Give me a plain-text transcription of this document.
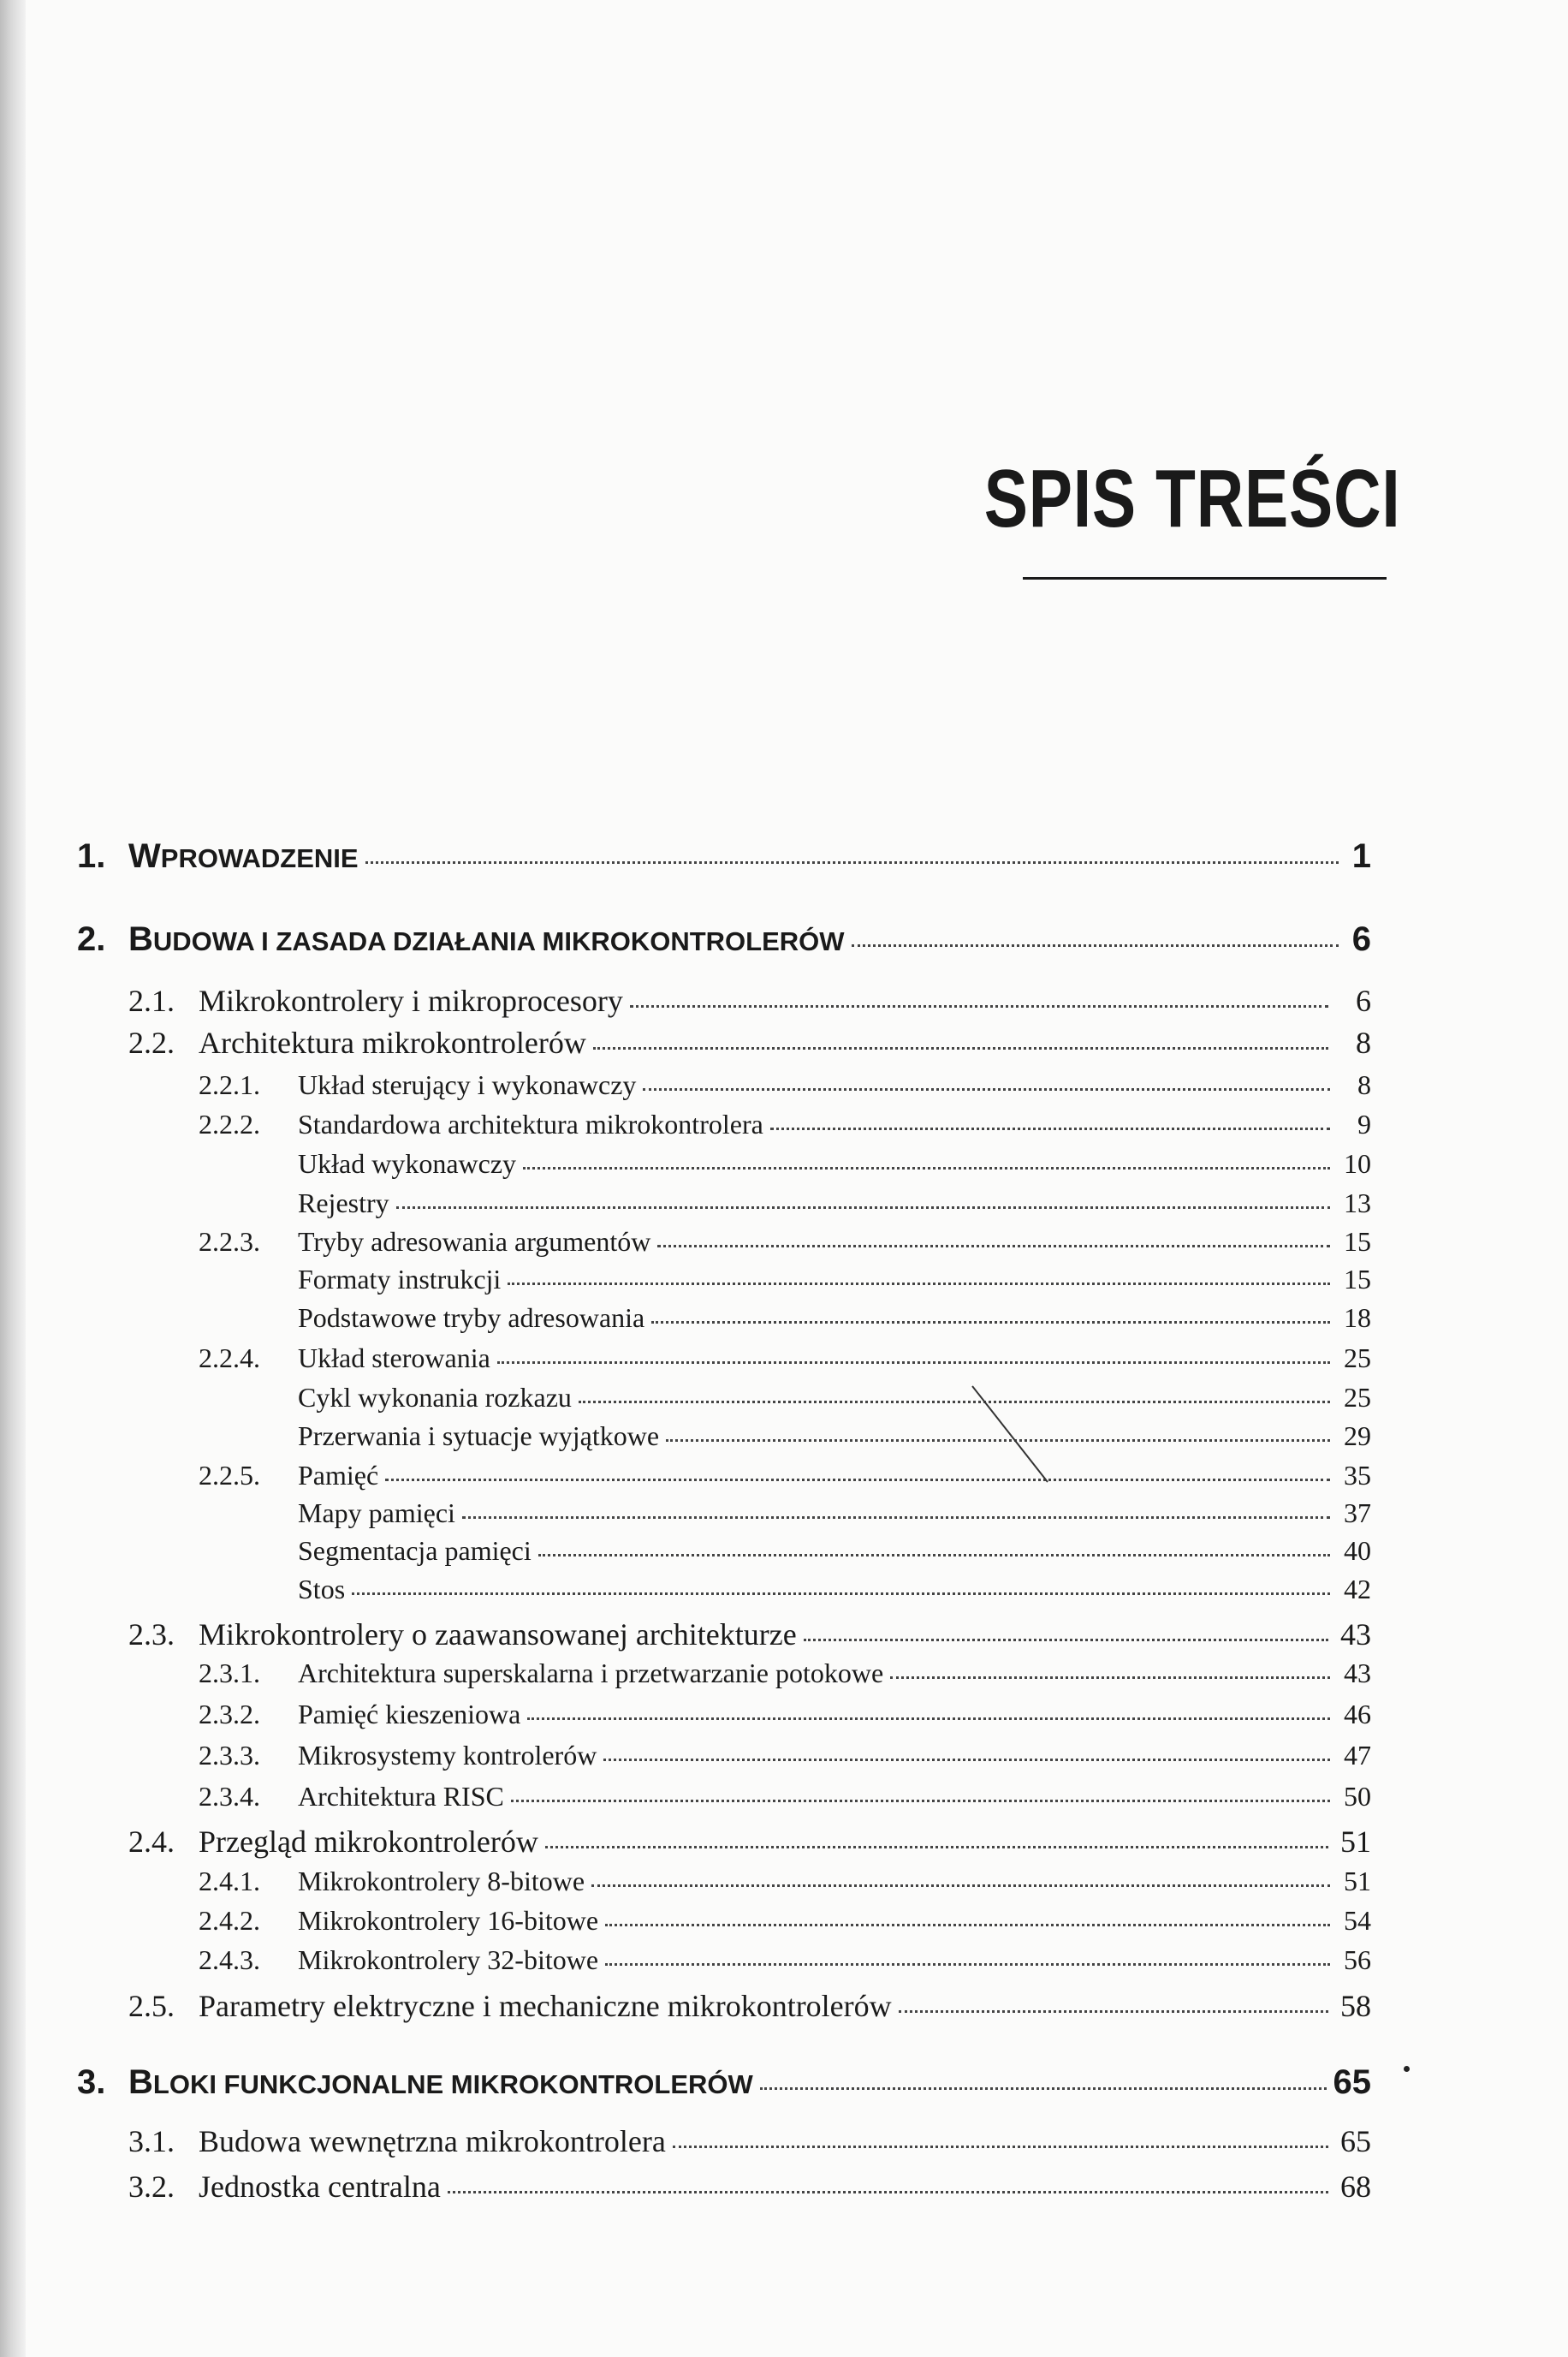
SPIS TREŚCI
1. WPROWADZENIE	1
2. BUDOWA I ZASADA DZIAŁANIA MIKROKONTROLERÓW	6
2.1. Mikrokontrolery i mikroprocesory	6
2.2. Architektura mikrokontrolerów	8
2.2.1.	Układ sterujący i wykonawczy	8
2.2.2.	Standardowa architektura mikrokontrolera	9
Układ wykonawczy	10
Rejestry	13
2.2.3.	Tryby adresowania argumentów	15
Formaty instrukcji	15
Podstawowe tryby adresowania	18
2.2.4.	Układ sterowania	25
Cykl wykonania rozkazu	25
Przerwania i sytuacje wyjątkowe	29
2.2.5.	Pamięć	35
Mapy pamięci	37
Segmentacja pamięci	40
Stos	42
2.3. Mikrokontrolery o zaawansowanej architekturze	43
2.3.1.	Architektura superskalarna i przetwarzanie potokowe	43
2.3.2.	Pamięć kieszeniowa	46
2.3.3.	Mikrosystemy kontrolerów	47
2.3.4.	Architektura RISC	50
2.4. Przegląd mikrokontrolerów	51
2.4.1.	Mikrokontrolery 8-bitowe	51
2.4.2.	Mikrokontrolery 16-bitowe	54
2.4.3.	Mikrokontrolery 32-bitowe	56
2.5. Parametry elektryczne i mechaniczne mikrokontrolerów	58
3. BLOKI FUNKCJONALNE MIKROKONTROLERÓW	65
3.1. Budowa wewnętrzna mikrokontrolera	65
3.2. Jednostka centralna	68
